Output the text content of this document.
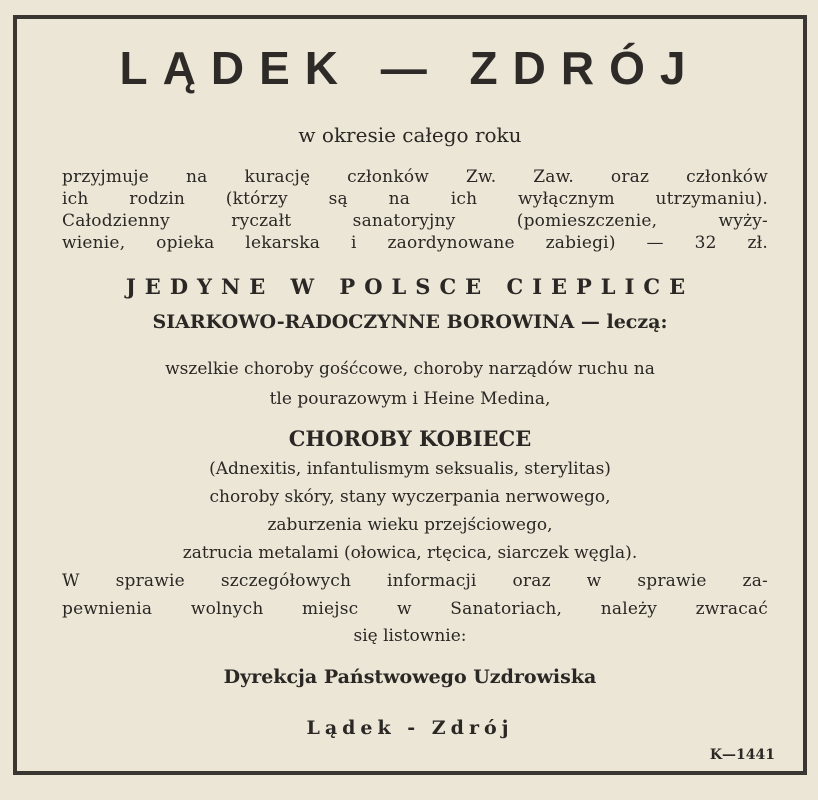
LĄDEK — ZDRÓJ
w okresie całego roku
przyjmuje na kurację członków Zw. Zaw. oraz członków
ich rodzin (którzy są na ich wyłącznym utrzymaniu).
Całodzienny ryczałt sanatoryjny (pomieszczenie, wyży-
wienie, opieka lekarska i zaordynowane zabiegi) — 32 zł.
JEDYNE W POLSCE CIEPLICE
SIARKOWO-RADOCZYNNE BOROWINA — leczą:
wszelkie choroby gośćcowe, choroby narządów ruchu na
tle pourazowym i Heine Medina,
CHOROBY KOBIECE
(Adnexitis, infantulismym seksualis, sterylitas)
choroby skóry, stany wyczerpania nerwowego,
zaburzenia wieku przejściowego,
zatrucia metalami (ołowica, rtęcica, siarczek węgla).
W sprawie szczegółowych informacji oraz w sprawie za-
pewnienia wolnych miejsc w Sanatoriach, należy zwracać
się listownie:
Dyrekcja Państwowego Uzdrowiska
Lądek - Zdrój
K—1441
